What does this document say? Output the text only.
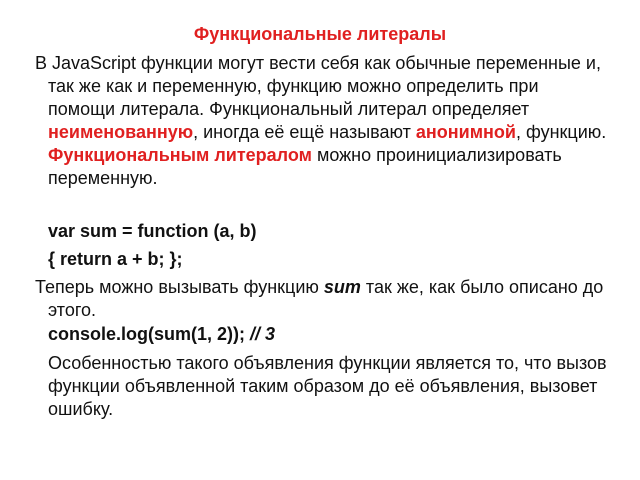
Функциональные литералы
В JavaScript функции могут вести себя как обычные переменные и, так же как и переменную, функцию можно определить при помощи литерала. Функциональный литерал определяет неименованную, иногда её ещё называют анонимной, функцию. Функциональным литералом можно проинициализировать переменную.
var sum = function (a, b)
{ return a + b; };
Теперь можно вызывать функцию sum так же, как было описано до этого.
console.log(sum(1, 2)); // 3
Особенностью такого объявления функции является то, что вызов функции объявленной таким образом до её объявления, вызовет ошибку.
